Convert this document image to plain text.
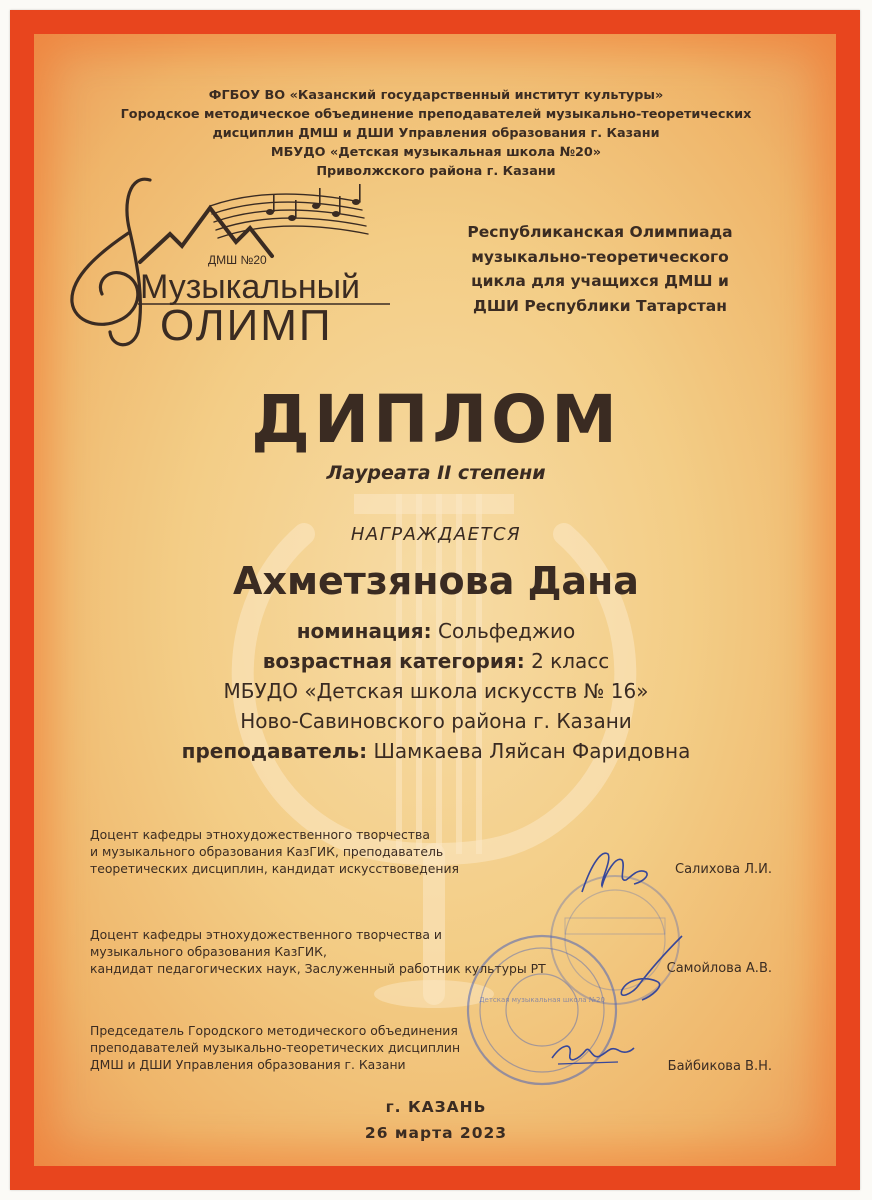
ФГБОУ ВО «Казанский государственный институт культуры»
Городское методическое объединение преподавателей музыкально-теоретических
дисциплин ДМШ и ДШИ Управления образования г. Казани
МБУДО «Детская музыкальная школа №20»
Приволжского района г. Казани
ДМШ №20
Музыкальный
ОЛИМП
Республиканская Олимпиада
музыкально-теоретического
цикла для учащихся ДМШ и
ДШИ Республики Татарстан
ДИПЛОМ
Лауреата II степени
НАГРАЖДАЕТСЯ
Ахметзянова Дана
номинация: Сольфеджио
возрастная категория: 2 класс
МБУДО «Детская школа искусств № 16»
Ново-Савиновского района г. Казани
преподаватель: Шамкаева Ляйсан Фаридовна
Детская музыкальная школа №20
Доцент кафедры этнохудожественного творчества
и музыкального образования КазГИК, преподаватель
теоретических дисциплин, кандидат искусствоведения	Салихова Л.И.
Доцент кафедры этнохудожественного творчества и
музыкального образования КазГИК,
кандидат педагогических наук, Заслуженный работник культуры РТ	Самойлова А.В.
Председатель Городского методического объединения
преподавателей музыкально-теоретических дисциплин
ДМШ и ДШИ Управления образования г. Казани	Байбикова В.Н.
г. КАЗАНЬ
26 марта 2023
